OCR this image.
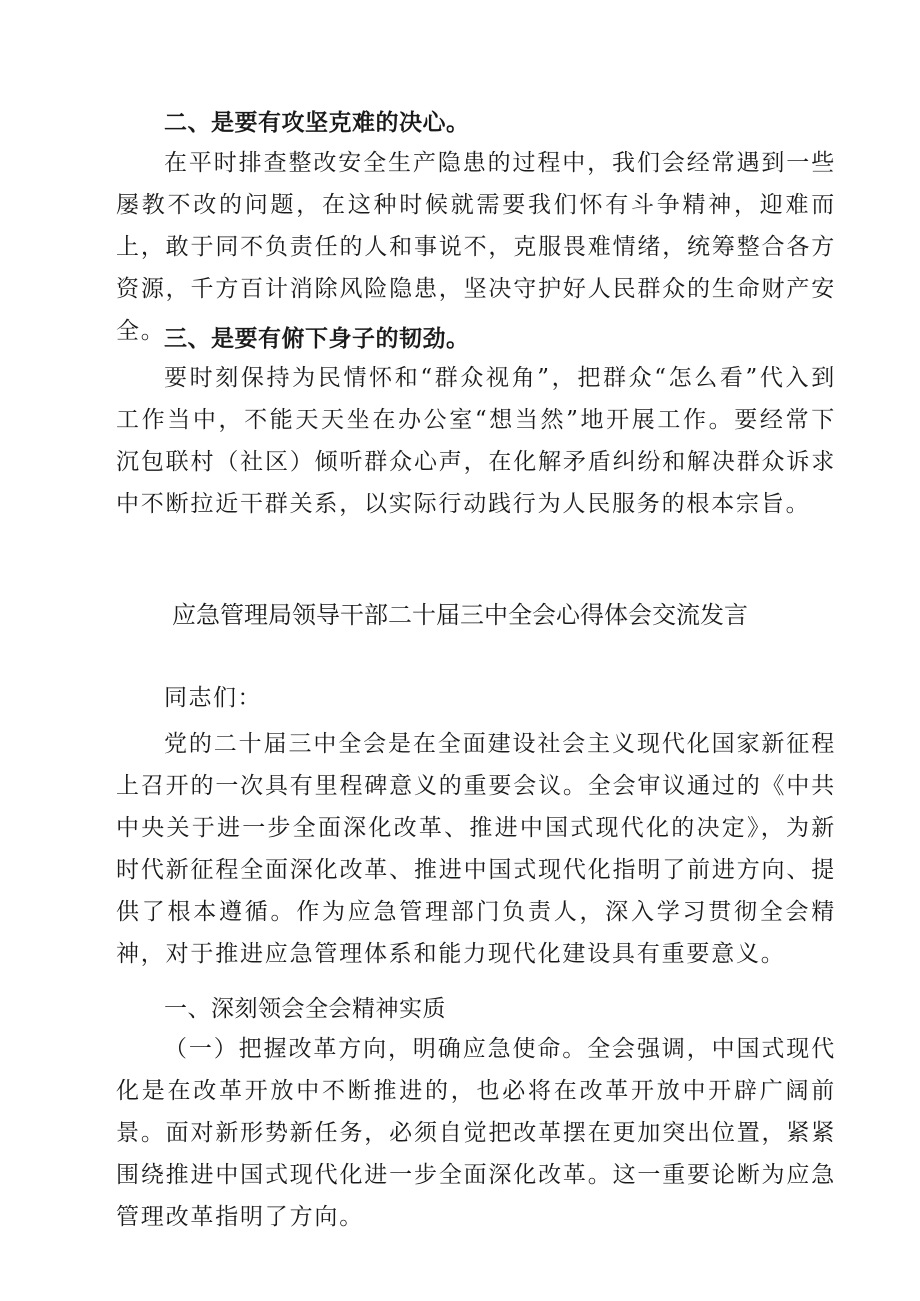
二、是要有攻坚克难的决心。
在平时排查整改安全生产隐患的过程中，我们会经常遇到一些屡教不改的问题，在这种时候就需要我们怀有斗争精神，迎难而上，敢于同不负责任的人和事说不，克服畏难情绪，统筹整合各方资源，千方百计消除风险隐患，坚决守护好人民群众的生命财产安全。
三、是要有俯下身子的韧劲。
要时刻保持为民情怀和“群众视角”，把群众“怎么看”代入到工作当中，不能天天坐在办公室“想当然”地开展工作。要经常下沉包联村（社区）倾听群众心声，在化解矛盾纠纷和解决群众诉求中不断拉近干群关系，以实际行动践行为人民服务的根本宗旨。
应急管理局领导干部二十届三中全会心得体会交流发言
同志们：
党的二十届三中全会是在全面建设社会主义现代化国家新征程上召开的一次具有里程碑意义的重要会议。全会审议通过的《中共中央关于进一步全面深化改革、推进中国式现代化的决定》，为新时代新征程全面深化改革、推进中国式现代化指明了前进方向、提供了根本遵循。作为应急管理部门负责人，深入学习贯彻全会精神，对于推进应急管理体系和能力现代化建设具有重要意义。
一、深刻领会全会精神实质
（一）把握改革方向，明确应急使命。全会强调，中国式现代化是在改革开放中不断推进的，也必将在改革开放中开辟广阔前景。面对新形势新任务，必须自觉把改革摆在更加突出位置，紧紧围绕推进中国式现代化进一步全面深化改革。这一重要论断为应急管理改革指明了方向。
